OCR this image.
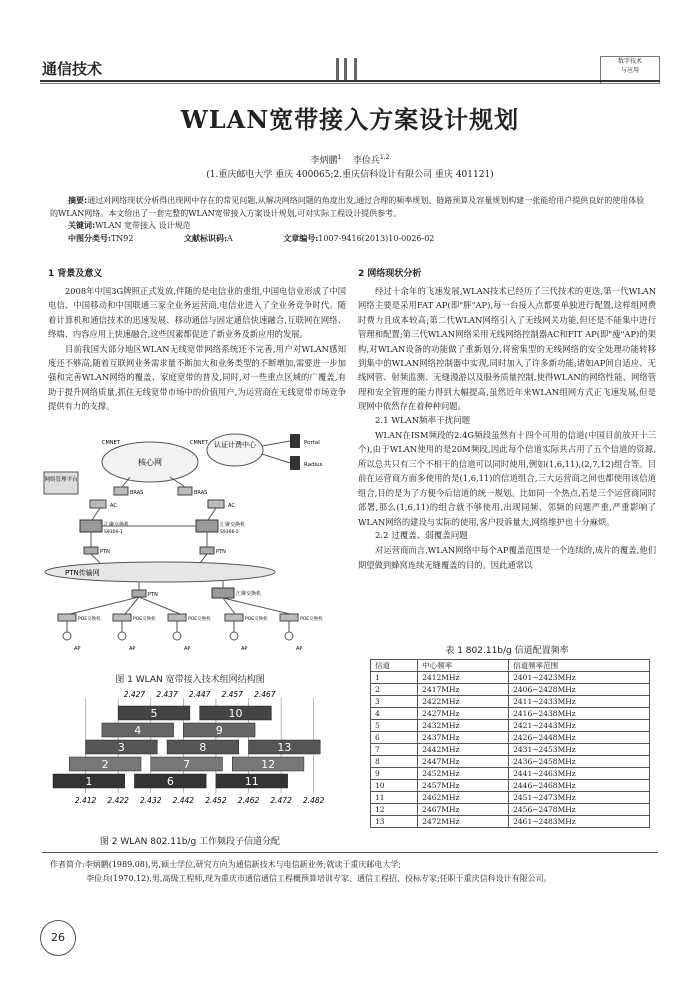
通信技术	数字技术
与应用
WLAN宽带接入方案设计规划
李炳鹏$^1$ 李俭兵$^{1,2}$
(1.重庆邮电大学 重庆 400065;2.重庆信科设计有限公司 重庆 401121)
摘要:通过对网络现状分析得出现网中存在的常见问题,从解决网络问题的角度出发,通过合理的频率规划、链路预算及容量规划构建一张能给用户提供良好的使用体验的WLAN网络。本文给出了一套完整的WLAN宽带接入方案设计规划,可对实际工程设计提供参考。
关键词:WLAN 宽带接入 设计规范
中图分类号:TN92	文献标识码:A	文章编号:1007-9416(2013)10-0026-02
1 背景及意义

2008年中国3G牌照正式发放,伴随的是电信业的重组,中国电信业形成了中国电信、中国移动和中国联通三家全业务运营商,电信业进入了全业务竞争时代。随着计算机和通信技术的迅速发展、移动通信与固定通信快速融合,互联网在网络、终端、内容应用上快速融合,这些因素都促进了新业务及新应用的发展。

目前我国大部分地区WLAN无线宽带网络系统还不完善,用户对WLAN感知度还不够高,随着互联网业务需求量不断加大和业务类型的不断增加,需要进一步加强和完善WLAN网络的覆盖、家庭宽带的普及,同时,对一些重点区域的广覆盖,有助于提升网络质量,抓住无线宽带市场中的价值用户,为运营商在无线宽带市场竞争提供有力的支撑。

核心网
CMNET	CMNET 认证计费中心	Portal
Radius
网络管理平台
AC
BRAS
AC
BRAS
汇聚交换机
S9306-1
汇聚交换机
S9306-2
PTN	PTN
PTN传输网
PTN	汇聚交换机
POE交换机	POE交换机	POE交换机	POE交换机	POE交换机
AP	AP	AP	AP	AP
图 1 WLAN 宽带接入技术组网结构图
5	10
4	9
3	8	13
2	7	12
1	6	11
2.427 2.437 2.447 2.457 2.467
2.412 2.422 2.432 2.442 2.452 2.462 2.472 2.482
图 2 WLAN 802.11b/g 工作频段子信道分配
2 网络现状分析

经过十余年的飞速发展,WLAN技术已经历了三代技术的更迭,第一代WLAN网络主要是采用FAT AP(即"胖"AP),每一台接入点都要单独进行配置,这样组网费时费力且成本较高;第二代WLAN网络引入了无线网关功能,但还是不能集中进行管理和配置;第三代WLAN网络采用无线网络控制器AC和FIT AP(即"瘦"AP)的架构,对WLAN设备的功能做了重新划分,将密集型的无线网络的安全处理功能转移到集中的WLAN网络控制器中实现,同时加入了许多新功能,诸如AP间自适应、无线网管、射频监测、无缝漫游以及服务质量控制,使得WLAN的网络性能、网络管理和安全管理的能力得到大幅提高,虽然近年来WLAN组网方式正飞速发展,但是现网中依然存在着种种问题。

2.1 WLAN频率干扰问题

WLAN在ISM频段的2.4G频段虽然有十四个可用的信道(中国目前放开十三个),由于WLAN使用的是20M频段,因此每个信道实际共占用了五个信道的资源,所以总共只有三个不相干的信道可以同时使用,例如(1,6,11),(2,7,12)组合等。目前在运营商方面多使用的是(1,6,11)的信道组合,三大运营商之间也都使用该信道组合,目的是为了方便今后信道的统一规划。比如同一个热点,若是三个运营商同时部署,那么(1,6,11)的组合就不够使用,出现同频、邻频的问题严重,严重影响了WLAN网络的建设与实际的使用,客户投诉量大,网络维护也十分麻烦。

2.2 过覆盖、弱覆盖问题

对运营商而言,WLAN网络中每个AP覆盖范围是一个连续的,成片的覆盖,他们期望做到蜂窝连续无缝覆盖的目的。因此通常以

表 1 802.11b/g 信道配置频率
信道	中心频率	信道频率范围
1	2412MHz	2401~2423MHz
2	2417MHz	2406~2428MHz
3	2422MHz	2411~2433MHz
4	2427MHz	2416~2438MHz
5	2432MHz	2421~2443MHz
6	2437MHz	2426~2448MHz
7	2442MHz	2431~2453MHz
8	2447MHz	2436~2458MHz
9	2452MHz	2441~2463MHz
10	2457MHz	2446~2468MHz
11	2462MHz	2451~2473MHz
12	2467MHz	2456~2478MHz
13	2472MHz	2461~2483MHz
作者简介:李炳鹏(1989.08),男,硕士学位,研究方向为通信新技术与电信新业务;就读于重庆邮电大学;
李俭兵(1970.12),男,高级工程师,现为重庆市通信通信工程概预算培训专家、通信工程招、投标专家;任职于重庆信科设计有限公司。
26
